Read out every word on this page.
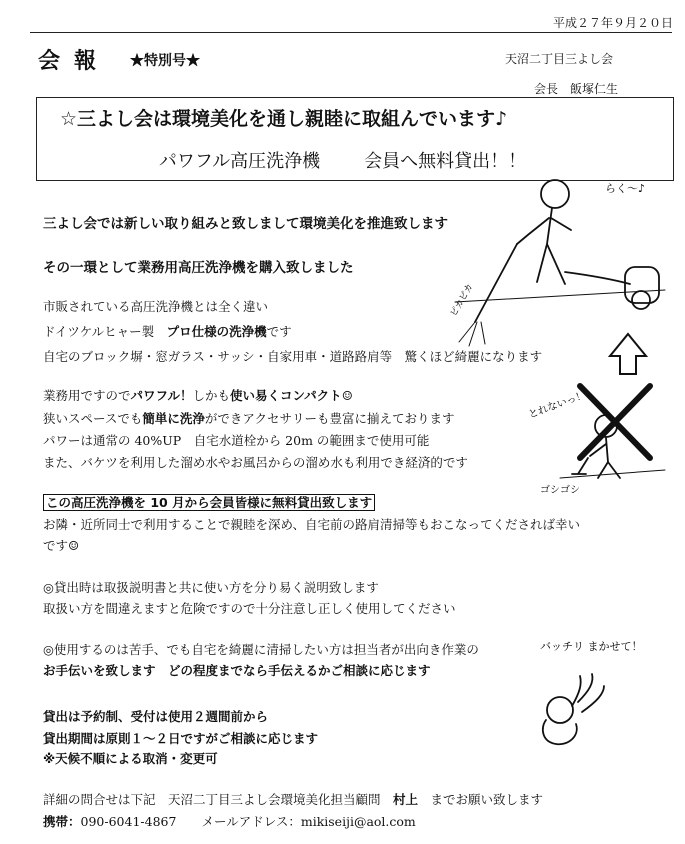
平成２７年９月２０日
会報 ★特別号★	天沼二丁目三よし会
会長　飯塚仁生
☆三よし会は環境美化を通し親睦に取組んでいます♪
パワフル高圧洗浄機 会員へ無料貸出！！
三よし会では新しい取り組みと致しまして環境美化を推進致します
その一環として業務用高圧洗浄機を購入致しました
市販されている高圧洗浄機とは全く違い
ドイツケルヒャー製　プロ仕様の洗浄機です
自宅のブロック塀・窓ガラス・サッシ・自家用車・道路路肩等　驚くほど綺麗になります
業務用ですのでパワフル！しかも使い易くコンパクト☺
狭いスペースでも簡単に洗浄ができアクセサリーも豊富に揃えております
パワーは通常の 40%UP　自宅水道栓から 20m の範囲まで使用可能
また、バケツを利用した溜め水やお風呂からの溜め水も利用でき経済的です
この高圧洗浄機を 10 月から会員皆様に無料貸出致します
お隣・近所同士で利用することで親睦を深め、自宅前の路肩清掃等もおこなってくだされば幸い
です☺
◎貸出時は取扱説明書と共に使い方を分り易く説明致します
取扱い方を間違えますと危険ですので十分注意し正しく使用してください
◎使用するのは苦手、でも自宅を綺麗に清掃したい方は担当者が出向き作業の
お手伝いを致します　どの程度までなら手伝えるかご相談に応じます
貸出は予約制、受付は使用２週間前から
貸出期間は原則１～２日ですがご相談に応じます
※天候不順による取消・変更可
詳細の問合せは下記　天沼二丁目三よし会環境美化担当顧問　村上　までお願い致します
携帯：090-6041-4867　　メールアドレス：mikiseiji@aol.com
らく～♪
ピカピカ
とれないっ！
ゴシゴシ
バッチリ まかせて！
